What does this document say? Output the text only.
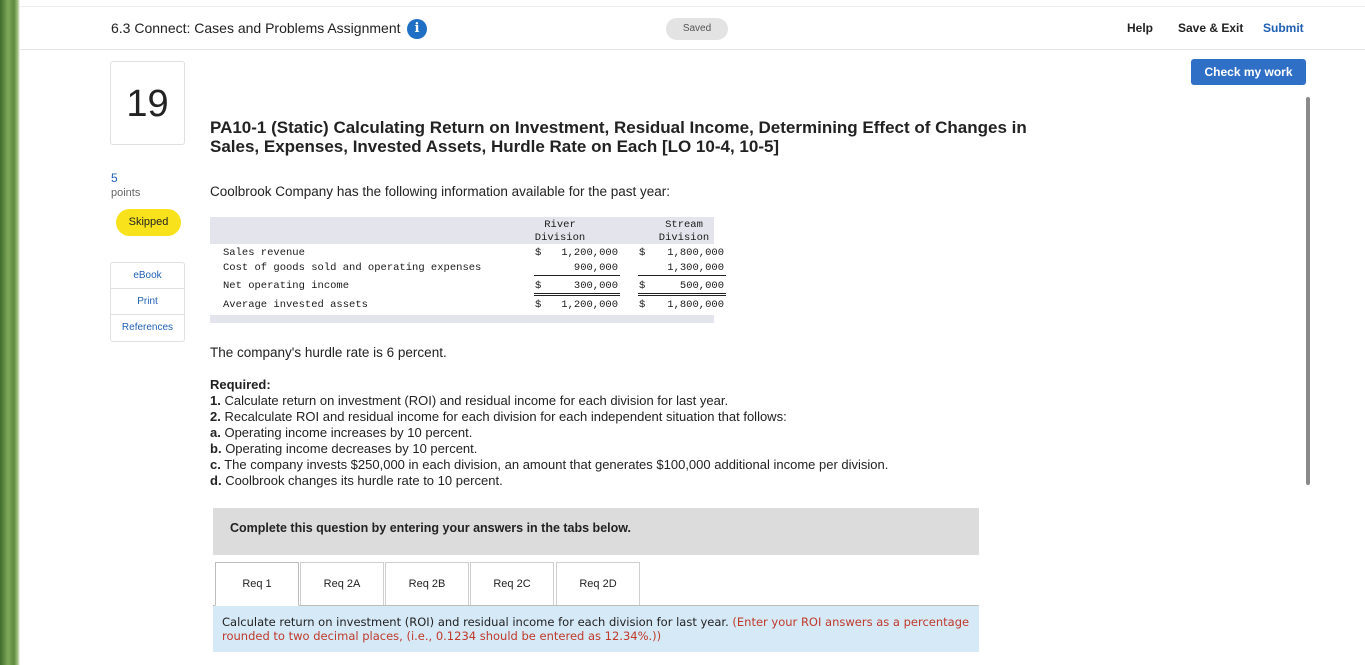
6.3 Connect: Cases and Problems Assignment	i	Saved	Help Save & Exit Submit
Check my work
19
5
points
Skipped
eBook
Print
References
PA10-1 (Static) Calculating Return on Investment, Residual Income, Determining Effect of Changes in Sales, Expenses, Invested Assets, Hurdle Rate on Each [LO 10-4, 10-5]
Coolbrook Company has the following information available for the past year:
River
Division
Stream
Division
Sales revenue	$	1,200,000 $	1,800,000
Cost of goods sold and operating expenses	900,000	1,300,000
Net operating income	$	300,000 $	500,000
Average invested assets	$	1,200,000 $	1,800,000
The company's hurdle rate is 6 percent.
Required:
1. Calculate return on investment (ROI) and residual income for each division for last year.
2. Recalculate ROI and residual income for each division for each independent situation that follows:
a. Operating income increases by 10 percent.
b. Operating income decreases by 10 percent.
c. The company invests $250,000 in each division, an amount that generates $100,000 additional income per division.
d. Coolbrook changes its hurdle rate to 10 percent.
Complete this question by entering your answers in the tabs below.
Req 1	Req 2A	Req 2B	Req 2C	Req 2D
Calculate return on investment (ROI) and residual income for each division for last year. (Enter your ROI answers as a percentage rounded to two decimal places, (i.e., 0.1234 should be entered as 12.34%.))
